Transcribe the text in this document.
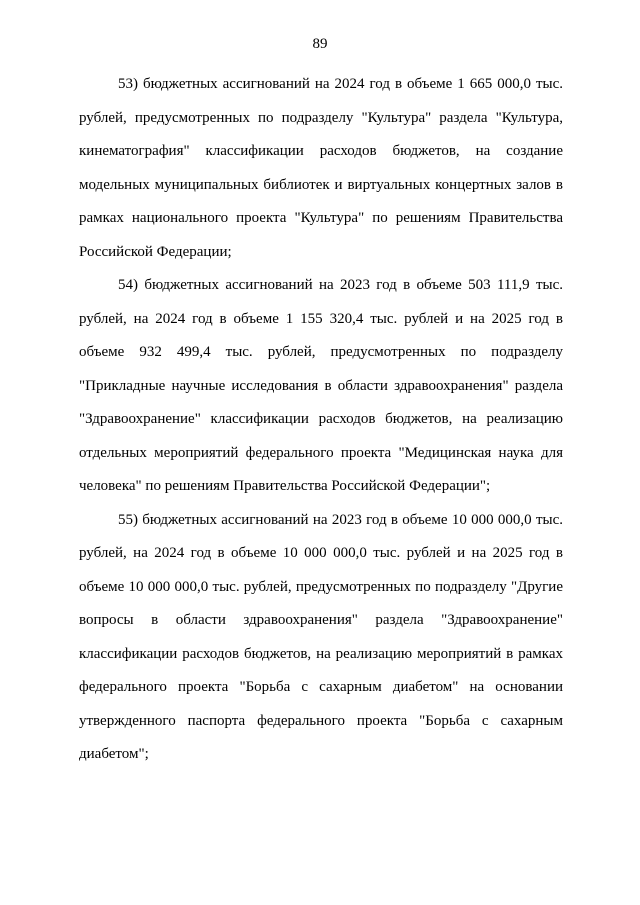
89
53) бюджетных ассигнований на 2024 год в объеме 1 665 000,0 тыс.
рублей, предусмотренных по подразделу "Культура" раздела "Культура,
кинематография" классификации расходов бюджетов, на создание
модельных муниципальных библиотек и виртуальных концертных залов в
рамках национального проекта "Культура" по решениям Правительства
Российской Федерации;
54) бюджетных ассигнований на 2023 год в объеме 503 111,9 тыс.
рублей, на 2024 год в объеме 1 155 320,4 тыс. рублей и на 2025 год в
объеме 932 499,4 тыс. рублей, предусмотренных по подразделу
"Прикладные научные исследования в области здравоохранения" раздела
"Здравоохранение" классификации расходов бюджетов, на реализацию
отдельных мероприятий федерального проекта "Медицинская наука для
человека" по решениям Правительства Российской Федерации";
55) бюджетных ассигнований на 2023 год в объеме 10 000 000,0 тыс.
рублей, на 2024 год в объеме 10 000 000,0 тыс. рублей и на 2025 год в
объеме 10 000 000,0 тыс. рублей, предусмотренных по подразделу "Другие
вопросы в области здравоохранения" раздела "Здравоохранение"
классификации расходов бюджетов, на реализацию мероприятий в рамках
федерального проекта "Борьба с сахарным диабетом" на основании
утвержденного паспорта федерального проекта "Борьба с сахарным
диабетом";
